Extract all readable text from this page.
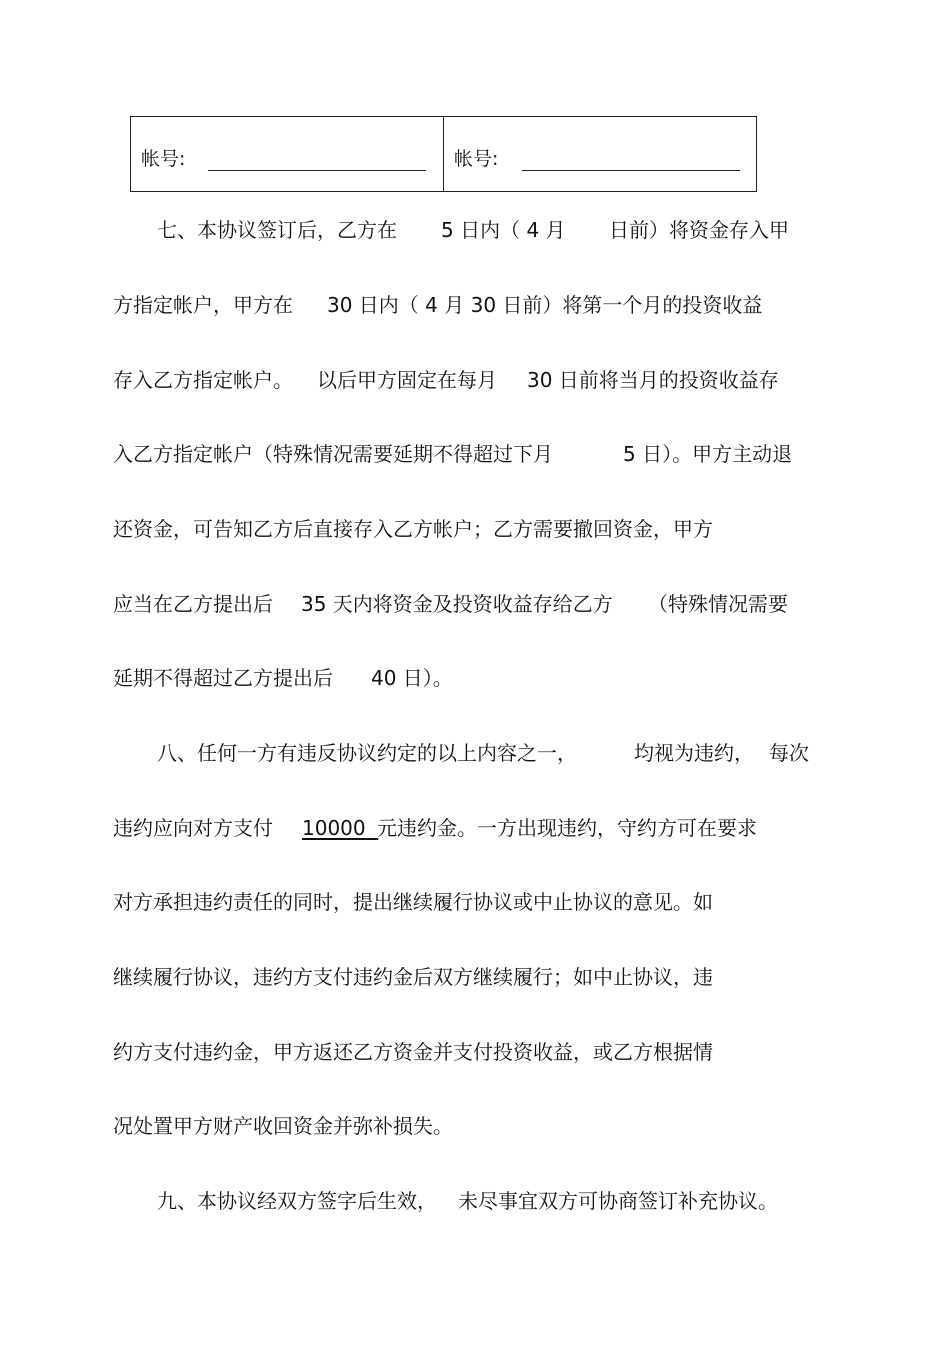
帐号:	帐号:
七、本协议签订后，乙方在 5 日内（ 4 月 日前）将资金存入甲
方指定帐户，甲方在 30 日内（ 4 月 30 日前）将第一个月的投资收益
存入乙方指定帐户。 以后甲方固定在每月 30 日前将当月的投资收益存
入乙方指定帐户（特殊情况需要延期不得超过下月	5 日）。甲方主动退
还资金，可告知乙方后直接存入乙方帐户；乙方需要撤回资金，甲方
应当在乙方提出后 35 天内将资金及投资收益存给乙方 （特殊情况需要
延期不得超过乙方提出后 40 日）。
八、任何一方有违反协议约定的以上内容之一，	均视为违约， 每次
违约应向对方支付 10000 元违约金。一方出现违约，守约方可在要求
对方承担违约责任的同时，提出继续履行协议或中止协议的意见。如
继续履行协议，违约方支付违约金后双方继续履行；如中止协议，违
约方支付违约金，甲方返还乙方资金并支付投资收益，或乙方根据情
况处置甲方财产收回资金并弥补损失。
九、本协议经双方签字后生效， 未尽事宜双方可协商签订补充协议。
